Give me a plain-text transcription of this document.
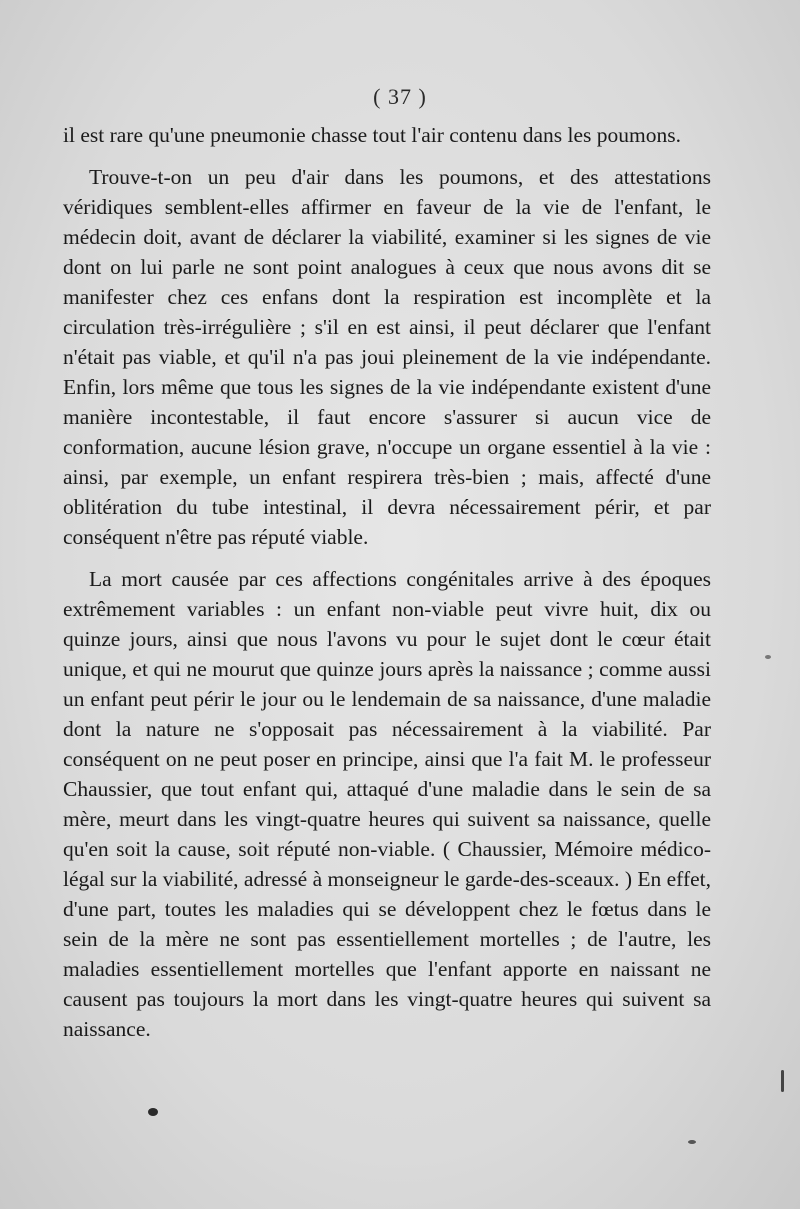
( 37 )

il est rare qu'une pneumonie chasse tout l'air contenu dans les poumons.

Trouve-t-on un peu d'air dans les poumons, et des attestations véridiques semblent-elles affirmer en faveur de la vie de l'enfant, le médecin doit, avant de déclarer la viabilité, examiner si les signes de vie dont on lui parle ne sont point analogues à ceux que nous avons dit se manifester chez ces enfans dont la respiration est incomplète et la circulation très-irrégulière ; s'il en est ainsi, il peut déclarer que l'enfant n'était pas viable, et qu'il n'a pas joui pleinement de la vie indépendante. Enfin, lors même que tous les signes de la vie indépendante existent d'une manière incontestable, il faut encore s'assurer si aucun vice de conformation, aucune lésion grave, n'occupe un organe essentiel à la vie : ainsi, par exemple, un enfant respirera très-bien ; mais, affecté d'une oblitération du tube intestinal, il devra nécessairement périr, et par conséquent n'être pas réputé viable.

La mort causée par ces affections congénitales arrive à des époques extrêmement variables : un enfant non-viable peut vivre huit, dix ou quinze jours, ainsi que nous l'avons vu pour le sujet dont le cœur était unique, et qui ne mourut que quinze jours après la naissance ; comme aussi un enfant peut périr le jour ou le lendemain de sa naissance, d'une maladie dont la nature ne s'opposait pas nécessairement à la viabilité. Par conséquent on ne peut poser en principe, ainsi que l'a fait M. le professeur Chaussier, que tout enfant qui, attaqué d'une maladie dans le sein de sa mère, meurt dans les vingt-quatre heures qui suivent sa naissance, quelle qu'en soit la cause, soit réputé non-viable. ( Chaussier, Mémoire médico-légal sur la viabilité, adressé à monseigneur le garde-des-sceaux. ) En effet, d'une part, toutes les maladies qui se développent chez le fœtus dans le sein de la mère ne sont pas essentiellement mortelles ; de l'autre, les maladies essentiellement mortelles que l'enfant apporte en naissant ne causent pas toujours la mort dans les vingt-quatre heures qui suivent sa naissance.
